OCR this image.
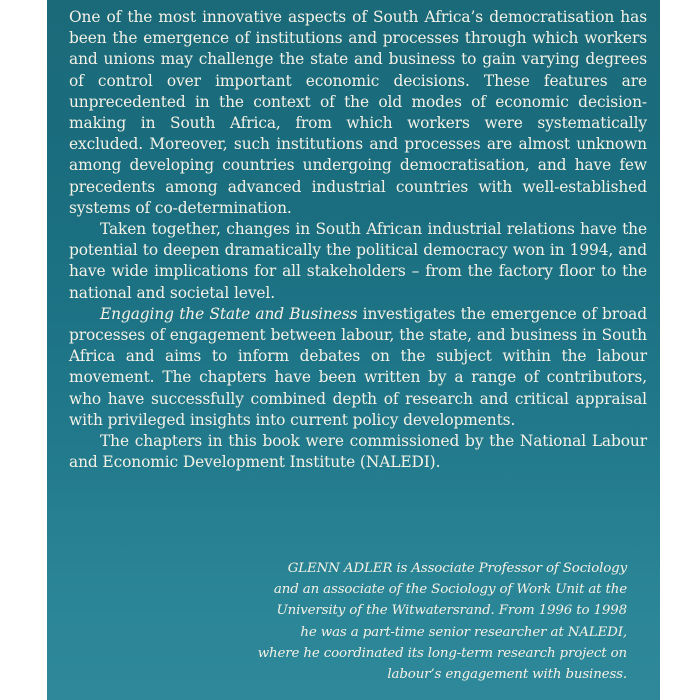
One of the most innovative aspects of South Africa’s democratisation has been the emergence of institutions and processes through which workers and unions may challenge the state and business to gain varying degrees of control over important economic decisions. These features are unprecedented in the context of the old modes of economic decision-making in South Africa, from which workers were systematically excluded. Moreover, such institutions and processes are almost unknown among developing countries undergoing democratisation, and have few precedents among advanced industrial countries with well-established systems of co-determination.

Taken together, changes in South African industrial relations have the potential to deepen dramatically the political democracy won in 1994, and have wide implications for all stakeholders – from the factory floor to the national and societal level.

Engaging the State and Business investigates the emergence of broad processes of engagement between labour, the state, and business in South Africa and aims to inform debates on the subject within the labour movement. The chapters have been written by a range of contributors, who have successfully combined depth of research and critical appraisal with privileged insights into current policy developments.

The chapters in this book were commissioned by the National Labour and Economic Development Institute (NALEDI).

GLENN ADLER is Associate Professor of Sociology
and an associate of the Sociology of Work Unit at the
University of the Witwatersrand. From 1996 to 1998
he was a part-time senior researcher at NALEDI,
where he coordinated its long-term research project on
labour’s engagement with business.
